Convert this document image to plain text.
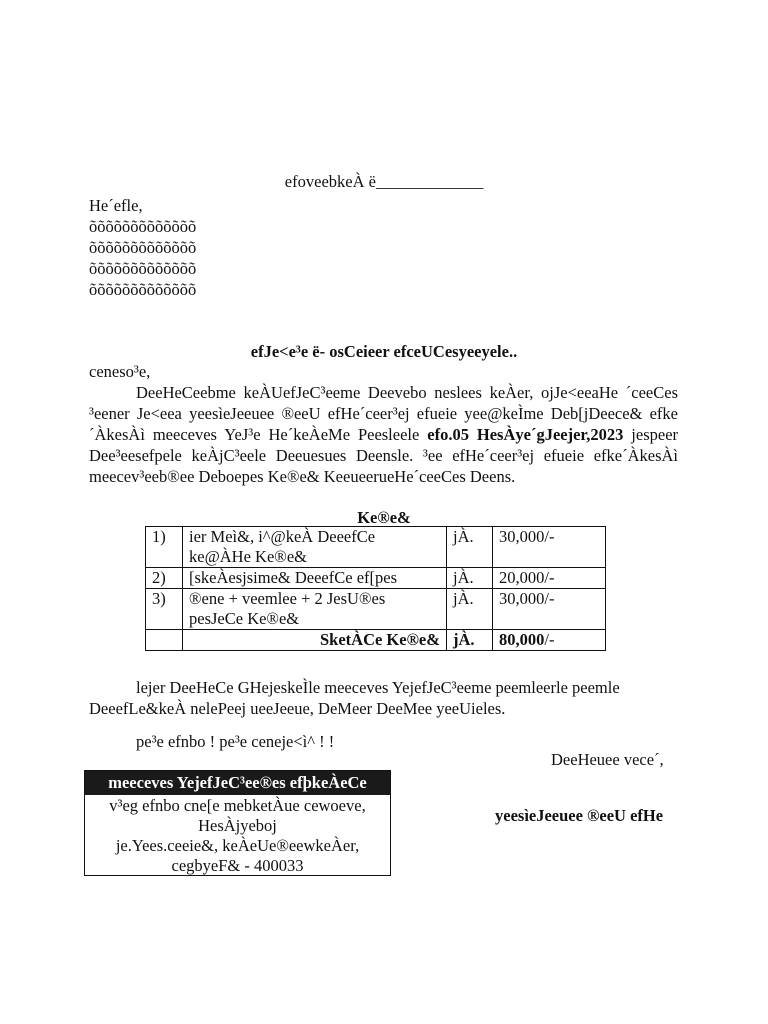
efoveebkeÀ ë_____________
He´efle,
õõõõõõõõõõõõõ
õõõõõõõõõõõõõ
õõõõõõõõõõõõõ
õõõõõõõõõõõõõ
efJe<e³e ë- osCeieer efceUCesyeeyele..
ceneso³e,
DeeHeCeebme keÀUefJeC³eeme Deevebo neslees keÀer, ojJe<eeaHe ´ceeCes ³eener Je<eea yeesìeJeeuee ®eeU efHe´ceer³ej efueie yee@keÌme Deb[jDeece& efke´ÀkesÀì meeceves YeJ³e He´keÀeMe Peesleele efo.05 HesÀye´gJeejer,2023 jespeer Dee³eesefpele keÀjC³eele Deeuesues Deensle. ³ee efHe´ceer³ej efueie efke´ÀkesÀì meecev³eeb®ee Deboepes Ke®e& KeeueerueHe´ceeCes Deens.
Ke®e&
1)	ier Meì&, i^@keÀ DeeefCe ke@ÀHe Ke®e&	jÀ.	30,000/-
2)	[skeÀesjsime& DeeefCe ef[pes	jÀ.	20,000/-
3)	®ene + veemlee + 2 JesU®es pesJeCe Ke®e&	jÀ.	30,000/-
	SketÀCe Ke®e&	jÀ.	80,000/-
lejer DeeHeCe GHejeskeÌle meeceves YejefJeC³eeme peemleerle peemle DeeefLe&keÀ nelePeej ueeJeeue, DeMeer DeeMee yeeUieles.
pe³e efnbo ! pe³e ceneje<ì^ ! !
DeeHeuee vece´,
meeceves YejefJeC³ee®es efþkeÀeCe
v³eg efnbo cne[e mebketÀue cewoeve,
HesÀjyeboj
je.Yees.ceeie&, keÀeUe®eewkeÀer,
cegbyeF& - 400033
yeesìeJeeuee ®eeU efHe
